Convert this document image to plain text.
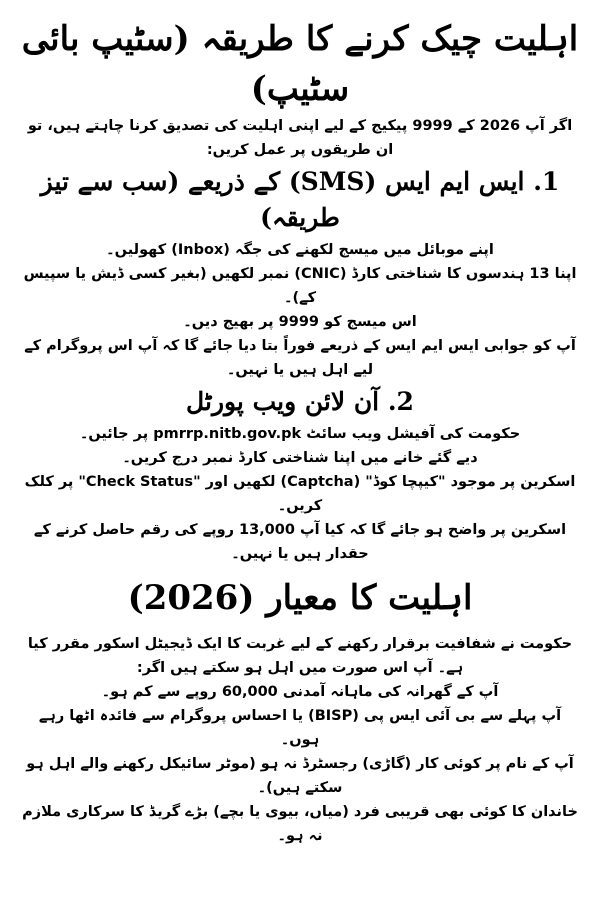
اہلیت چیک کرنے کا طریقہ (سٹیپ بائی
سٹیپ)

اگر آپ 2026 کے 9999 پیکیج کے لیے اپنی اہلیت کی تصدیق کرنا چاہتے ہیں، تو ان طریقوں پر عمل کریں:

1. ایس ایم ایس (SMS) کے ذریعے (سب سے تیز طریقہ)

اپنے موبائل میں میسج لکھنے کی جگہ (Inbox) کھولیں۔

اپنا 13 ہندسوں کا شناختی کارڈ (CNIC) نمبر لکھیں (بغیر کسی ڈیش یا سپیس کے)۔

اس میسج کو 9999 پر بھیج دیں۔

آپ کو جوابی ایس ایم ایس کے ذریعے فوراً بتا دیا جائے گا کہ آپ اس پروگرام کے لیے اہل ہیں یا نہیں۔

2. آن لائن ویب پورٹل

حکومت کی آفیشل ویب سائٹ pmrrp.nitb.gov.pk پر جائیں۔

دیے گئے خانے میں اپنا شناختی کارڈ نمبر درج کریں۔

اسکرین پر موجود "کیپچا کوڈ" (Captcha) لکھیں اور "Check Status" پر کلک کریں۔

اسکرین پر واضح ہو جائے گا کہ کیا آپ 13,000 روپے کی رقم حاصل کرنے کے حقدار ہیں یا نہیں۔

اہلیت کا معیار (2026)

حکومت نے شفافیت برقرار رکھنے کے لیے غربت کا ایک ڈیجیٹل اسکور مقرر کیا ہے۔ آپ اس صورت میں اہل ہو سکتے ہیں اگر:

آپ کے گھرانہ کی ماہانہ آمدنی 60,000 روپے سے کم ہو۔

آپ پہلے سے بی آئی ایس پی (BISP) یا احساس پروگرام سے فائدہ اٹھا رہے ہوں۔

آپ کے نام پر کوئی کار (گاڑی) رجسٹرڈ نہ ہو (موٹر سائیکل رکھنے والے اہل ہو سکتے ہیں)۔

خاندان کا کوئی بھی قریبی فرد (میاں، بیوی یا بچے) بڑے گریڈ کا سرکاری ملازم نہ ہو۔
